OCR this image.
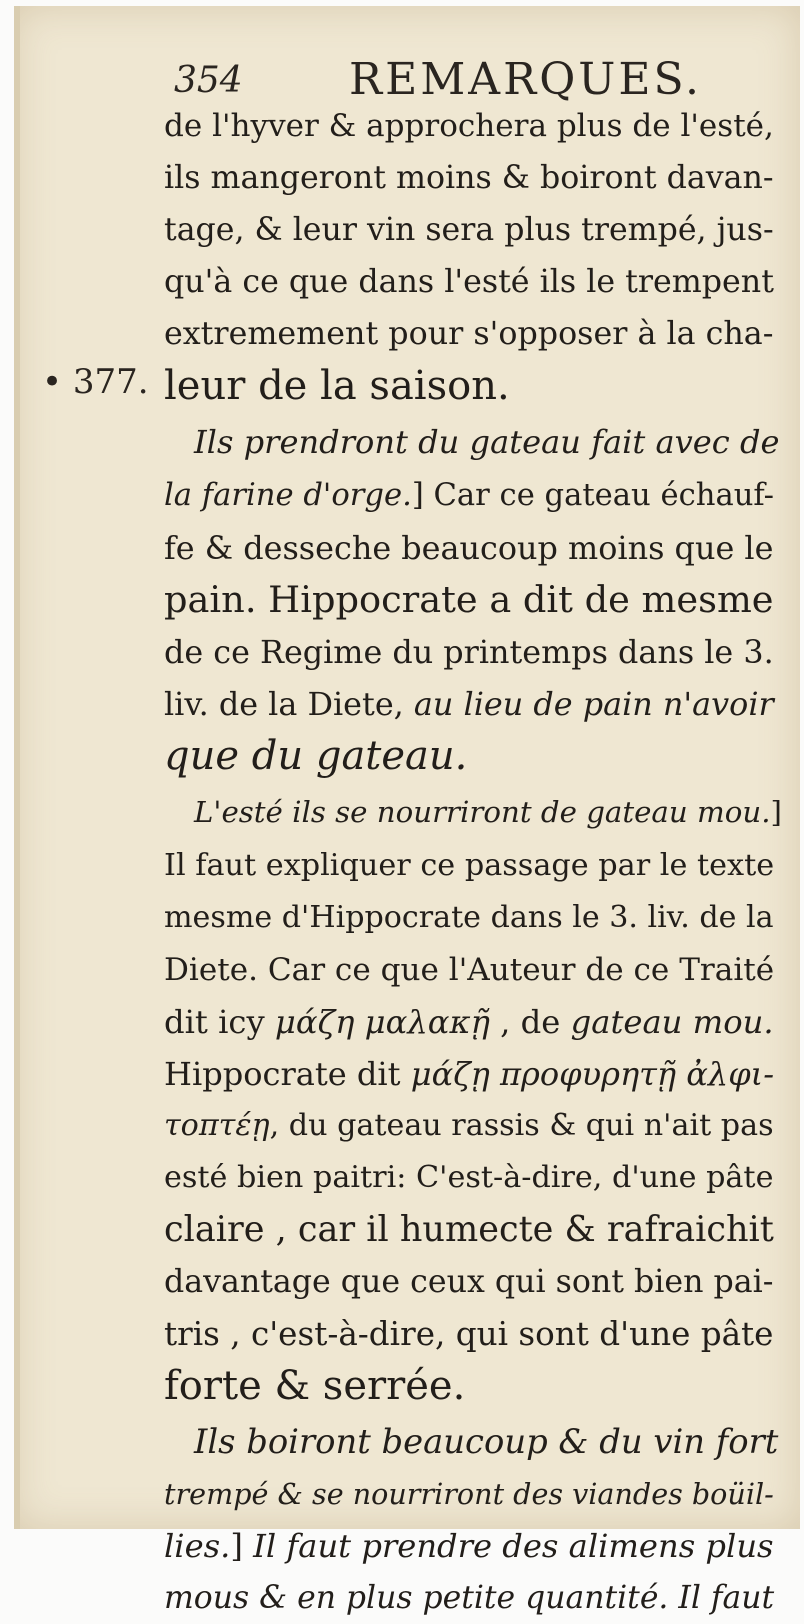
354 REMARQUES.
• 377.
de l'hyver & approchera plus de l'esté,
ils mangeront moins & boiront davan-
tage, & leur vin sera plus trempé, jus-
qu'à ce que dans l'esté ils le trempent
extremement pour s'opposer à la cha-
leur de la saison.
Ils prendront du gateau fait avec de
la farine d'orge.] Car ce gateau échauf-
fe & desseche beaucoup moins que le
pain. Hippocrate a dit de mesme
de ce Regime du printemps dans le 3.
liv. de la Diete, au lieu de pain n'avoir
que du gateau.
L'esté ils se nourriront de gateau mou.]
Il faut expliquer ce passage par le texte
mesme d'Hippocrate dans le 3. liv. de la
Diete. Car ce que l'Auteur de ce Traité
dit icy μάζη μαλακῇ , de gateau mou.
Hippocrate dit μάζῃ προφυρητῇ ἀλφι-
τοπτέῃ, du gateau rassis & qui n'ait pas
esté bien paitri: C'est-à-dire, d'une pâte
claire , car il humecte & rafraichit
davantage que ceux qui sont bien pai-
tris , c'est-à-dire, qui sont d'une pâte
forte & serrée.
Ils boiront beaucoup & du vin fort
trempé & se nourriront des viandes boüil-
lies.] Il faut prendre des alimens plus
mous & en plus petite quantité. Il faut
